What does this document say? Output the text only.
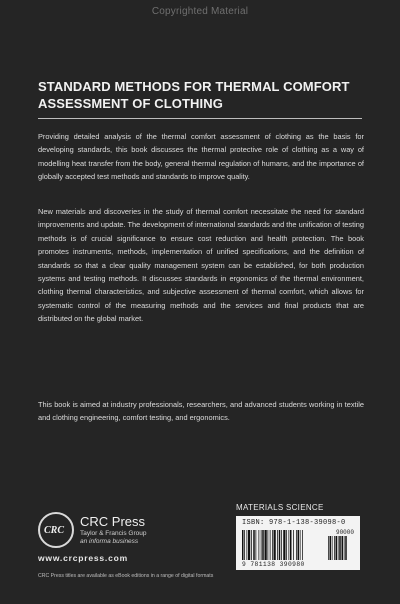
Copyrighted Material
STANDARD METHODS FOR THERMAL COMFORT
ASSESSMENT OF CLOTHING

Providing detailed analysis of the thermal comfort assessment of clothing as the basis for developing standards, this book discusses the thermal protective role of clothing as a way of modelling heat transfer from the body, general thermal regulation of humans, and the importance of globally accepted test methods and standards to improve quality.

New materials and discoveries in the study of thermal comfort necessitate the need for standard improvements and update. The development of international standards and the unification of testing methods is of crucial significance to ensure cost reduction and health protection. The book promotes instruments, methods, implementation of unified specifications, and the definition of standards so that a clear quality management system can be established, for both production systems and testing methods. It discusses standards in ergonomics of the thermal environment, clothing thermal characteristics, and subjective assessment of thermal comfort, which allows for systematic control of the measuring methods and the services and final products that are distributed on the global market.

This book is aimed at industry professionals, researchers, and advanced students working in textile and clothing engineering, comfort testing, and ergonomics.

CRC
CRC Press
Taylor & Francis Group
an informa business
www.crcpress.com
CRC Press titles are available as eBook editions in a range of digital formats
MATERIALS SCIENCE
ISBN: 978-1-138-39098-0
9 781138 390980
90000
